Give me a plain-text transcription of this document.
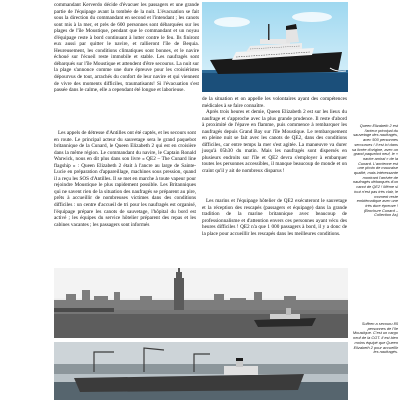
commandant Kerverdo décide d'évacuer les passagers et une grande partie de l'équipage avant la tombée de la nuit. L'évacuation se fait sous la direction du commandant en second et l'intendant ; les canots sont mis à la mer, et près de 600 personnes sont débarquées sur les plages de l'île Moustique, pendant que le commandant et un noyau d'équipage reste à bord continuant à lutter contre le feu. Ils finiront eux aussi par quitter le navire, et rallieront l'île de Bequia. Heureusement, les conditions climatiques sont bonnes, et le navire échoué sur l'écueil reste immobile et stable. Les naufragés sont débarqués sur l'île Moustique et attendent d'être secourus. La nuit sur la plage s'annonce comme une dure épreuve pour les croisiéristes dépourvus de tout, arrachés du confort de leur navire et qui viennent de vivre des moments difficiles, traumatisants! Si l'évacuation s'est passée dans le calme, elle a cependant été longue et laborieuse.

Queen Elizabeth 2 est l'acteur principal du sauvetage des naufragés, avec 500 personnes secourues ! Il est ici dans sa livrée d'origine, avec un grand paquebot neuf, le « navire amiral » de la Cunard. L'ancienne est une photo de mauvaise qualité, mais intéressante montrant l'arrivée de naufragés débarqués d'un canot de QE2 ! Même si tout n'est pas très clair, le moment reste emblématique avec une très dure épreuve ! (Brochure Cunard – Collection As)

de la situation et on appelle les volontaires ayant des compétences médicales à se faire connaître.

Après trois heures et demie, Queen Elizabeth 2 est sur les lieux du naufrage et s'approche avec la plus grande prudence. Il reste d'abord à proximité de l'épave en flamme, puis commence à rembarquer les naufragés depuis Grand Bay sur l'île Moustique. Le rembarquement en pleine nuit se fait avec les canots de QE2, dans des conditions difficiles, car entre temps la mer s'est agitée. La manœuvre va durer jusqu'à 05h30 du matin. Mais les naufragés sont dispersés en plusieurs endroits sur l'île et QE2 devra s'employer à embarquer toutes les personnes accessibles, il manque beaucoup de monde et on craint qu'il y ait de nombreux disparus !

Les appels de détresse d'Antilles ont été captés, et les secours sont en route. Le principal acteur du sauvetage sera le grand paquebot britannique de la Cunard, le Queen Elizabeth 2 qui est en croisière dans la même région. Le commandant du navire, le Captain Ronald Warwick, nous en dit plus dans son livre « QE2 – The Cunard line flagship » : Queen Elizabeth 2 était à l'ancre au large de Sainte-Lucie en préparation d'appareillage, machines sous pression, quand il a reçu les SOS d'Antilles. Il se met en marche à toute vapeur pour rejoindre Moustique le plus rapidement possible. Les Britanniques qui ne savent rien de la situation des naufragés se préparent au pire, prêts à accueillir de nombreuses victimes dans des conditions difficiles : un centre d'accueil de tri pour les naufragés est organisé, l'équipage prépare les canots de sauvetage, l'hôpital du bord est activé ; les équipes du service hôtelier préparent des repas et les cabines vacantes ; les passagers sont informés

Les marins et l'équipage hôtelier de QE2 exécuteront le sauvetage et la réception des rescapés (passagers et équipage) dans la grande tradition de la marine britannique avec beaucoup de professionnalisme et d'attention envers ces personnes ayant vécu des heures difficiles ! QE2 n'a que 1 000 passagers à bord, il y a donc de la place pour accueillir les rescapés dans les meilleures conditions.

Suffren a secouru 85 personnes de l'île Moustique. C'est un cargo neuf de la CGT. Il est bien moins équipé que Queen Elizabeth 2 pour accueillir les naufragés.
